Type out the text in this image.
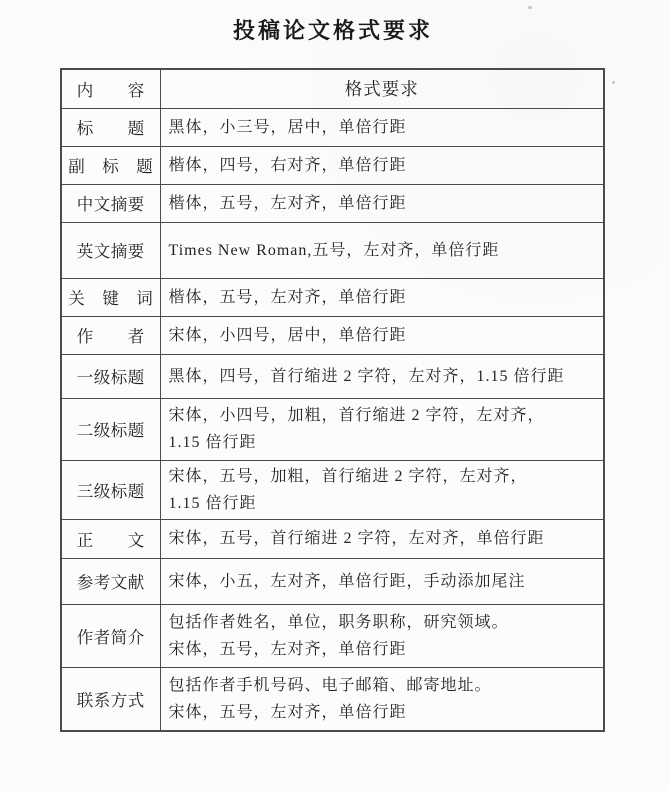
投稿论文格式要求
内　　容	格式要求
标　　题	黑体，小三号，居中，单倍行距

副　标　题	楷体，四号，右对齐，单倍行距

中文摘要	楷体，五号，左对齐，单倍行距

英文摘要	Times New Roman,五号，左对齐，单倍行距

关　键　词	楷体，五号，左对齐，单倍行距

作　　者	宋体，小四号，居中，单倍行距

一级标题	黑体，四号，首行缩进 2 字符，左对齐，1.15 倍行距

二级标题	宋体，小四号，加粗，首行缩进 2 字符，左对齐，
1.15 倍行距

三级标题	宋体，五号，加粗，首行缩进 2 字符，左对齐，
1.15 倍行距

正　　文	宋体，五号，首行缩进 2 字符，左对齐，单倍行距

参考文献	宋体，小五，左对齐，单倍行距，手动添加尾注

作者简介	包括作者姓名，单位，职务职称，研究领域。
宋体，五号，左对齐，单倍行距

联系方式	包括作者手机号码、电子邮箱、邮寄地址。
宋体，五号，左对齐，单倍行距
